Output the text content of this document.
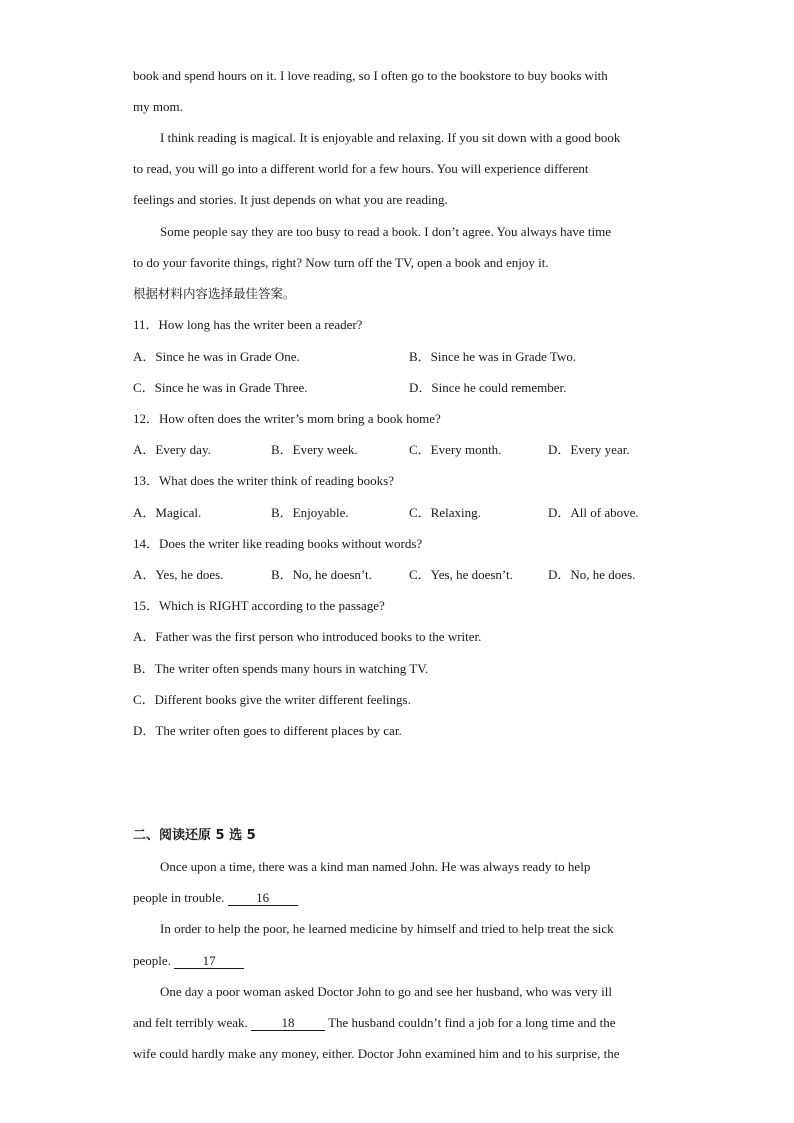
book and spend hours on it. I love reading, so I often go to the bookstore to buy books with
my mom.
I think reading is magical. It is enjoyable and relaxing. If you sit down with a good book
to read, you will go into a different world for a few hours. You will experience different
feelings and stories. It just depends on what you are reading.
Some people say they are too busy to read a book. I don’t agree. You always have time
to do your favorite things, right? Now turn off the TV, open a book and enjoy it.
根据材料内容选择最佳答案。
11．How long has the writer been a reader?
A．Since he was in Grade One.	B．Since he was in Grade Two.
C．Since he was in Grade Three.	D．Since he could remember.
12．How often does the writer’s mom bring a book home?
A．Every day.	B．Every week.	C．Every month.	D．Every year.
13．What does the writer think of reading books?
A．Magical.	B．Enjoyable.	C．Relaxing.	D．All of above.
14．Does the writer like reading books without words?
A．Yes, he does.	B．No, he doesn’t.	C．Yes, he doesn’t.	D．No, he does.
15．Which is RIGHT according to the passage?
A．Father was the first person who introduced books to the writer.
B．The writer often spends many hours in watching TV.
C．Different books give the writer different feelings.
D．The writer often goes to different places by car.
二、阅读还原 5 选 5
Once upon a time, there was a kind man named John. He was always ready to help
people in trouble. 16
In order to help the poor, he learned medicine by himself and tried to help treat the sick
people. 17
One day a poor woman asked Doctor John to go and see her husband, who was very ill
and felt terribly weak.	18	The husband couldn’t find a job for a long time and the
wife could hardly make any money, either. Doctor John examined him and to his surprise, the
